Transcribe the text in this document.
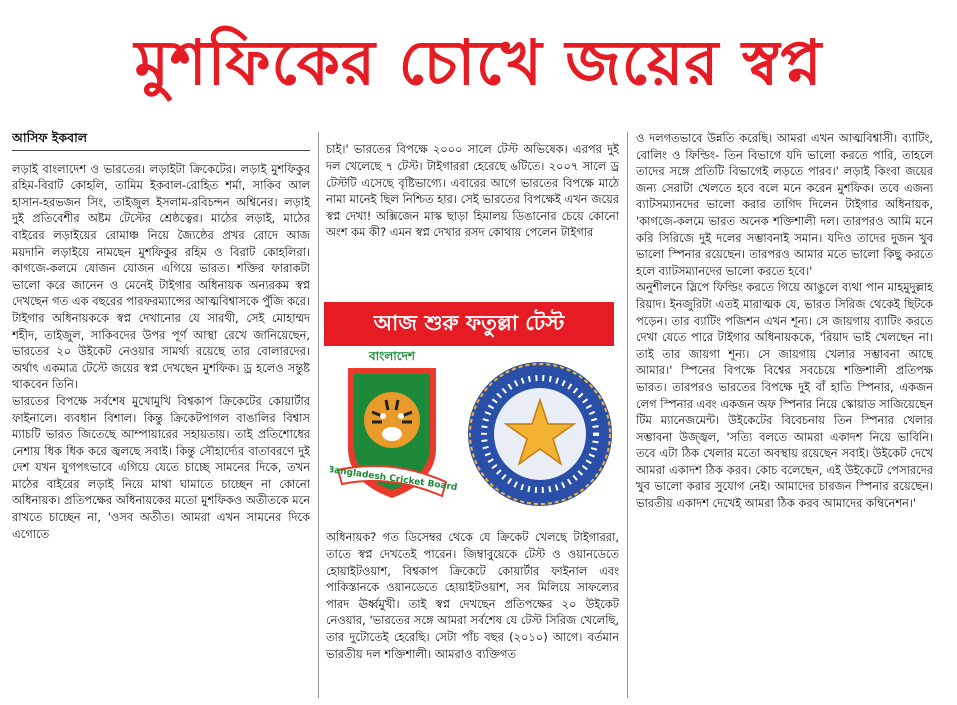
মুশফিকের চোখে জয়ের স্বপ্ন
আসিফ ইকবাল

লড়াই বাংলাদেশ ও ভারতের। লড়াইটা ক্রিকেটের। লড়াই মুশফিকুর রহিম-বিরাট কোহলি, তামিম ইকবাল-রোহিত শর্মা, সাকিব আল হাসান-হরভজন সিং, তাইজুল ইসলাম-রবিচন্দন অশ্বিনের। লড়াই দুই প্রতিবেশীর অষ্টম টেস্টের শ্রেষ্ঠত্বের। মাঠের লড়াই, মাঠের বাইরের লড়াইয়ের রোমাঞ্চ নিয়ে জ্যৈষ্ঠের প্রখর রোদে আজ ময়দানি লড়াইয়ে নামছেন মুশফিকুর রহিম ও বিরাট কোহলিরা। কাগজে-কলমে যোজন যোজন এগিয়ে ভারত। শক্তির ফারাকটা ভালো করে জানেন ও মেনেই টাইগার অধিনায়ক অন্যরকম স্বপ্ন দেখছেন গত এক বছরের পারফরম্যান্সের আত্মবিশ্বাসকে পুঁজি করে। টাইগার অধিনায়ককে স্বপ্ন দেখানোর যে সারথী, সেই মোহাম্মদ শহীদ, তাইজুল, সাকিবদের উপর পূর্ণ আস্থা রেখে জানিয়েছেন, ভারতের ২০ উইকেট নেওয়ার সামর্থ্য রয়েছে তার বোলারদের। অর্থাৎ একমাত্র টেস্টে জয়ের স্বপ্ন দেখছেন মুশফিক। ড্র হলেও সন্তুষ্ট থাকবেন তিনি।

ভারতের বিপক্ষে সর্বশেষ মুখোমুখি বিশ্বকাপ ক্রিকেটের কোয়ার্টার ফাইনালে। ব্যবধান বিশাল। কিন্তু ক্রিকেটপাগল বাঙালির বিশ্বাস ম্যাচটি ভারত জিতেছে আম্পায়ারের সহায়তায়। তাই প্রতিশোধের নেশায় ধিক ধিক করে জ্বলছে সবাই। কিন্তু সৌহার্দ্যের বাতাবরণে দুই দেশ যখন যুগপৎভাবে এগিয়ে যেতে চাচ্ছে সামনের দিকে, তখন মাঠের বাইরের লড়াই নিয়ে মাথা ঘামাতে চাচ্ছেন না কোনো অধিনায়ক। প্রতিপক্ষের অধিনায়কের মতো মুশফিকও অতীতকে মনে রাখতে চাচ্ছেন না, 'ওসব অতীত। আমরা এখন সামনের দিকে এগোতে

চাই।' ভারতের বিপক্ষে ২০০০ সালে টেস্ট অভিষেক। এরপর দুই দল খেলেছে ৭ টেস্ট। টাইগাররা হেরেছে ৬টিতে। ২০০৭ সালে ড্র টেস্টটি এসেছে বৃষ্টিভাগ্যে। এবারের আগে ভারতের বিপক্ষে মাঠে নামা মানেই ছিল নিশ্চিত হার। সেই ভারতের বিপক্ষেই এখন জয়ের স্বপ্ন দেখা! অক্সিজেন মাস্ক ছাড়া হিমালয় ডিঙানোর চেয়ে কোনো অংশ কম কী? এমন স্বপ্ন দেখার রসদ কোথায় পেলেন টাইগার

আজ শুরু ফতুল্লা টেস্ট
বাংলাদেশ
Bangladesh Cricket Board

অধিনায়ক? গত ডিসেম্বর থেকে যে ক্রিকেট খেলছে টাইগাররা, তাতে স্বপ্ন দেখতেই পারেন। জিম্বাবুয়েকে টেস্ট ও ওয়ানডেতে হোয়াইটওয়াশ, বিশ্বকাপ ক্রিকেটে কোয়ার্টার ফাইনাল এবং পাকিস্তানকে ওয়ানডেতে হোয়াইটওয়াশ, সব মিলিয়ে সাফল্যের পারদ ঊর্ধ্বমুখী। তাই স্বপ্ন দেখছেন প্রতিপক্ষের ২০ উইকেট নেওয়ার, 'ভারতের সঙ্গে আমরা সর্বশেষ যে টেস্ট সিরিজ খেলেছি, তার দুটোতেই হেরেছি। সেটা পাঁচ বছর (২০১০) আগে। বর্তমান ভারতীয় দল শক্তিশালী। আমরাও ব্যক্তিগত

ও দলগতভাবে উন্নতি করেছি। আমরা এখন আত্মবিশ্বাসী। ব্যাটিং, বোলিং ও ফিল্ডিং- তিন বিভাগে যদি ভালো করতে পারি, তাহলে তাদের সঙ্গে প্রতিটি বিভাগেই লড়তে পারব।' লড়াই কিংবা জয়ের জন্য সেরাটা খেলতে হবে বলে মনে করেন মুশফিক। তবে এজন্য ব্যাটসম্যানদের ভালো করার তাগিদ দিলেন টাইগার অধিনায়ক, 'কাগজে-কলমে ভারত অনেক শক্তিশালী দল। তারপরও আমি মনে করি সিরিজে দুই দলের সম্ভাবনাই সমান। যদিও তাদের দুজন খুব ভালো স্পিনার রয়েছেন। তারপরও আমার মতে ভালো কিছু করতে হলে ব্যাটসম্যানদের ভালো করতে হবে।'

অনুশীলনে স্লিপে ফিল্ডিং করতে গিয়ে আঙুলে ব্যথা পান মাহমুদুল্লাহ রিয়াদ। ইনজুরিটা এতই মারাত্মক যে, ভারত সিরিজ থেকেই ছিটকে পড়েন। তার ব্যাটিং পজিশন এখন শূন্য। সে জায়গায় ব্যাটিং করতে দেখা যেতে পারে টাইগার অধিনায়ককে, 'রিয়াদ ভাই খেলছেন না। তাই তার জায়গা শূন্য। সে জায়গায় খেলার সম্ভাবনা আছে আমার।' স্পিনের বিপক্ষে বিশ্বের সবচেয়ে শক্তিশালী প্রতিপক্ষ ভারত। তারপরও ভারতের বিপক্ষে দুই বাঁ হাতি স্পিনার, একজন লেগ স্পিনার এবং একজন অফ স্পিনার নিয়ে স্কোয়াড সাজিয়েছেন টিম ম্যানেজমেন্ট। উইকেটের বিবেচনায় তিন স্পিনার খেলার সম্ভাবনা উজ্জ্বল, 'সত্যি বলতে আমরা একাদশ নিয়ে ভাবিনি। তবে এটা ঠিক খেলার মতো অবস্থায় রয়েছেন সবাই। উইকেট দেখে আমরা একাদশ ঠিক করব। কোচ বলেছেন, এই উইকেটে পেসারদের খুব ভালো করার সুযোগ নেই। আমাদের চারজন স্পিনার রয়েছেন। ভারতীয় একাদশ দেখেই আমরা ঠিক করব আমাদের কম্বিনেশন।'
